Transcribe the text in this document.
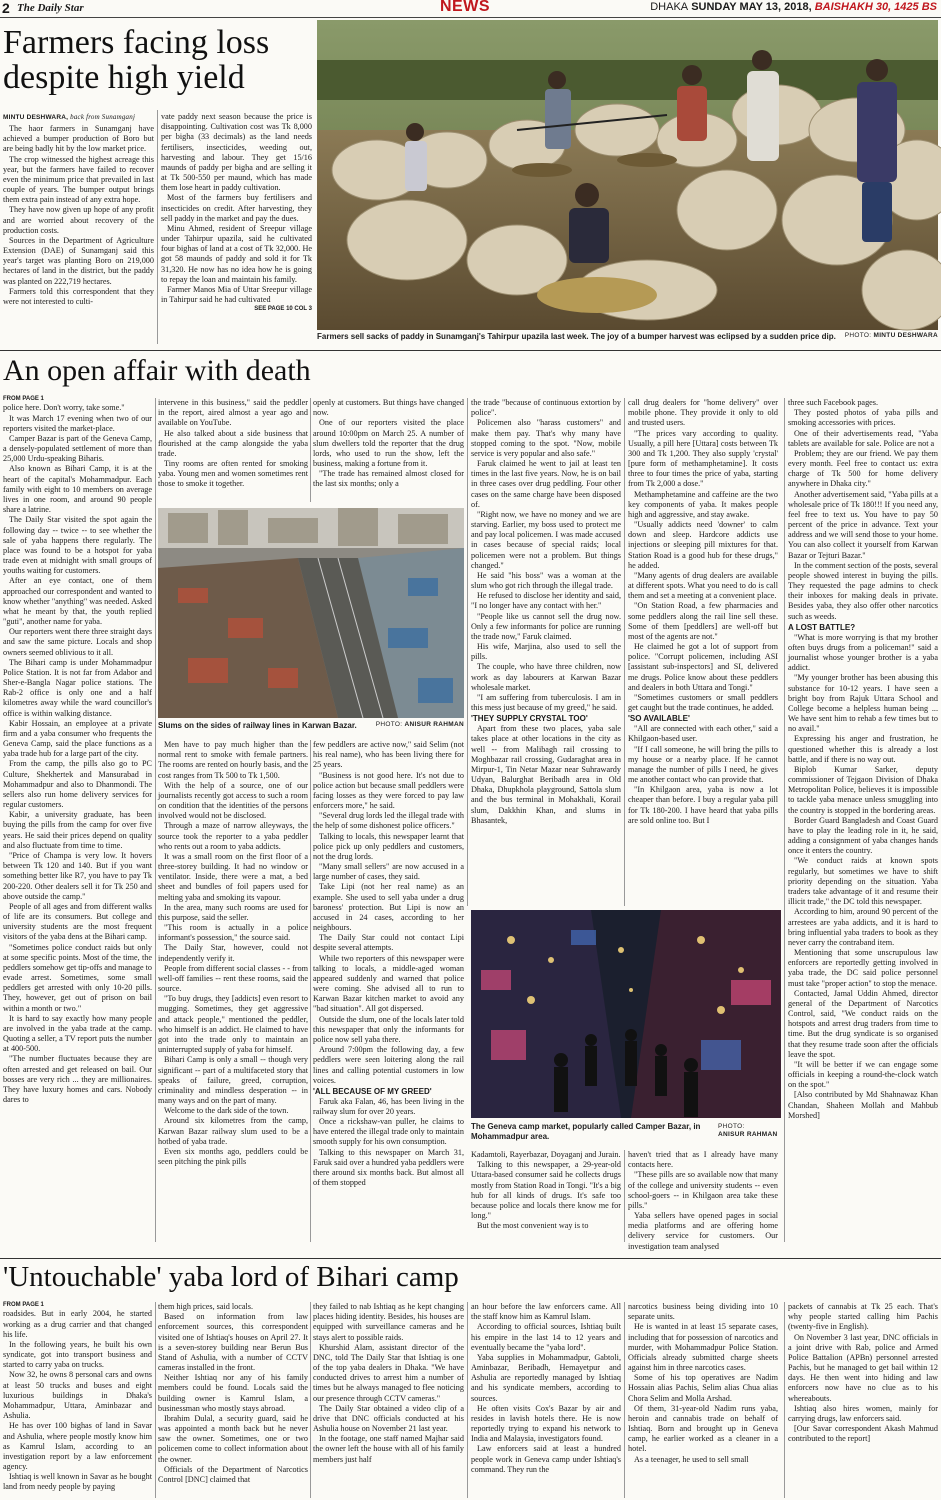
2 The Daily Star	NEWS	DHAKA SUNDAY MAY 13, 2018, BAISHAKH 30, 1425 BS
Farmers facing loss
despite high yield
MINTU DESHWARA, back from Sunamganj

The haor farmers in Sunamganj have achieved a bumper production of Boro but are being badly hit by the low market price.

The crop witnessed the highest acreage this year, but the farmers have failed to recover even the minimum price that prevailed in last couple of years. The bumper output brings them extra pain instead of any extra hope.

They have now given up hope of any profit and are worried about recovery of the production costs.

Sources in the Department of Agriculture Extension (DAE) of Sunamganj said this year's target was planting Boro on 219,000 hectares of land in the district, but the paddy was planted on 222,719 hectares.

Farmers told this correspondent that they were not interested to culti-

vate paddy next season because the price is disappointing. Cultivation cost was Tk 8,000 per bigha (33 decimals) as the land needs fertilisers, insecticides, weeding out, harvesting and labour. They get 15/16 maunds of paddy per bigha and are selling it at Tk 500-550 per maund, which has made them lose heart in paddy cultivation.

Most of the farmers buy fertilisers and insecticides on credit. After harvesting, they sell paddy in the market and pay the dues.

Minu Ahmed, resident of Sreepur village under Tahirpur upazila, said he cultivated four bighas of land at a cost of Tk 32,000. He got 58 maunds of paddy and sold it for Tk 31,320. He now has no idea how he is going to repay the loan and maintain his family.

Farmer Manos Mia of Uttar Sreepur village in Tahirpur said he had cultivated

SEE PAGE 10 COL 3
Farmers sell sacks of paddy in Sunamganj's Tahirpur upazila last week. The joy of a bumper harvest was eclipsed by a sudden price dip. PHOTO: MINTU DESHWARA
An open affair with death
FROM PAGE 1

police here. Don't worry, take some."

It was March 17 evening when two of our reporters visited the market-place.

Camper Bazar is part of the Geneva Camp, a densely-populated settlement of more than 25,000 Urdu-speaking Biharis.

Also known as Bihari Camp, it is at the heart of the capital's Mohammadpur. Each family with eight to 10 members on average lives in one room, and around 90 people share a latrine.

The Daily Star visited the spot again the following day -- twice -- to see whether the sale of yaba happens there regularly. The place was found to be a hotspot for yaba trade even at midnight with small groups of youths waiting for customers.

After an eye contact, one of them approached our correspondent and wanted to know whether "anything" was needed. Asked what he meant by that, the youth replied "guti", another name for yaba.

Our reporters went there three straight days and saw the same picture. Locals and shop owners seemed oblivious to it all.

The Bihari camp is under Mohammadpur Police Station. It is not far from Adabor and Sher-e-Bangla Nagar police stations. The Rab-2 office is only one and a half kilometres away while the ward councillor's office is within walking distance.

Kabir Hossain, an employee at a private firm and a yaba consumer who frequents the Geneva Camp, said the place functions as a yaba trade hub for a large part of the city.

From the camp, the pills also go to PC Culture, Shekhertek and Mansurabad in Mohammadpur and also to Dhanmondi. The sellers also run home delivery services for regular customers.

Kabir, a university graduate, has been buying the pills from the camp for over five years. He said their prices depend on quality and also fluctuate from time to time.

"Price of Champa is very low. It hovers between Tk 120 and 140. But if you want something better like R7, you have to pay Tk 200-220. Other dealers sell it for Tk 250 and above outside the camp."

People of all ages and from different walks of life are its consumers. But college and university students are the most frequent visitors of the yaba dens at the Bihari camp.

"Sometimes police conduct raids but only at some specific points. Most of the time, the peddlers somehow get tip-offs and manage to evade arrest. Sometimes, some small peddlers get arrested with only 10-20 pills. They, however, get out of prison on bail within a month or two."

It is hard to say exactly how many people are involved in the yaba trade at the camp. Quoting a seller, a TV report puts the number at 400-500.

"The number fluctuates because they are often arrested and get released on bail. Our bosses are very rich ... they are millionaires. They have luxury homes and cars. Nobody dares to

intervene in this business," said the peddler in the report, aired almost a year ago and available on YouTube.

He also talked about a side business that flourished at the camp alongside the yaba trade.

Tiny rooms are often rented for smoking yaba. Young men and women sometimes rent those to smoke it together.

openly at customers. But things have changed now.

One of our reporters visited the place around 10:00pm on March 25. A number of slum dwellers told the reporter that the drug lords, who used to run the show, left the business, making a fortune from it.

"The trade has remained almost closed for the last six months; only a

Slums on the sides of railway lines in Karwan Bazar.	PHOTO: ANISUR RAHMAN

Men have to pay much higher than the normal rent to smoke with female partners. The rooms are rented on hourly basis, and the cost ranges from Tk 500 to Tk 1,500.

With the help of a source, one of our journalists recently got access to such a room on condition that the identities of the persons involved would not be disclosed.

Through a maze of narrow alleyways, the source took the reporter to a yaba peddler who rents out a room to yaba addicts.

It was a small room on the first floor of a three-storey building. It had no window or ventilator. Inside, there were a mat, a bed sheet and bundles of foil papers used for melting yaba and smoking its vapour.

In the area, many such rooms are used for this purpose, said the seller.

"This room is actually in a police informant's possession," the source said.

The Daily Star, however, could not independently verify it.

People from different social classes - - from well-off families -- rent these rooms, said the source.

"To buy drugs, they [addicts] even resort to mugging. Sometimes, they get aggressive and attack people," mentioned the peddler, who himself is an addict. He claimed to have got into the trade only to maintain an uninterrupted supply of yaba for himself.

Bihari Camp is only a small -- though very significant -- part of a multifaceted story that speaks of failure, greed, corruption, criminality and mindless desperation -- in many ways and on the part of many.

Welcome to the dark side of the town.

Around six kilometres from the camp, Karwan Bazar railway slum used to be a hotbed of yaba trade.

Even six months ago, peddlers could be seen pitching the pink pills

few peddlers are active now," said Selim (not his real name), who has been living there for 25 years.

"Business is not good here. It's not due to police action but because small peddlers were facing losses as they were forced to pay law enforcers more," he said.

"Several drug lords led the illegal trade with the help of some dishonest police officers."

Talking to locals, this newspaper learnt that police pick up only peddlers and customers, not the drug lords.

"Many small sellers" are now accused in a large number of cases, they said.

Take Lipi (not her real name) as an example. She used to sell yaba under a drug baroness' protection. But Lipi is now an accused in 24 cases, according to her neighbours.

The Daily Star could not contact Lipi despite several attempts.

While two reporters of this newspaper were talking to locals, a middle-aged woman appeared suddenly and warned that police were coming. She advised all to run to Karwan Bazar kitchen market to avoid any "bad situation". All got dispersed.

Outside the slum, one of the locals later told this newspaper that only the informants for police now sell yaba there.

Around 7:00pm the following day, a few peddlers were seen loitering along the rail lines and calling potential customers in low voices.

'ALL BECAUSE OF MY GREED'

Faruk aka Falan, 46, has been living in the railway slum for over 20 years.

Once a rickshaw-van puller, he claims to have entered the illegal trade only to maintain smooth supply for his own consumption.

Talking to this newspaper on March 31, Faruk said over a hundred yaba peddlers were there around six months back. But almost all of them stopped

the trade "because of continuous extortion by police".

Policemen also "harass customers" and make them pay. That's why many have stopped coming to the spot. "Now, mobile service is very popular and also safe."

Faruk claimed he went to jail at least ten times in the last five years. Now, he is on bail in three cases over drug peddling. Four other cases on the same charge have been disposed of.

"Right now, we have no money and we are starving. Earlier, my boss used to protect me and pay local policemen. I was made accused in cases because of special raids; local policemen were not a problem. But things changed."

He said "his boss" was a woman at the slum who got rich through the illegal trade.

He refused to disclose her identity and said, "I no longer have any contact with her."

"People like us cannot sell the drug now. Only a few informants for police are running the trade now," Faruk claimed.

His wife, Marjina, also used to sell the pills.

The couple, who have three children, now work as day labourers at Karwan Bazar wholesale market.

"I am suffering from tuberculosis. I am in this mess just because of my greed," he said.

'THEY SUPPLY CRYSTAL TOO'

Apart from these two places, yaba sale takes place at other locations in the city as well -- from Malibagh rail crossing to Moghbazar rail crossing, Gudaraghat area in Mirpur-1, Tin Netar Mazar near Suhrawardy Udyan, Balurghat Beribadh area in Old Dhaka, Dhupkhola playground, Sattola slum and the bus terminal in Mohakhali, Korail slum, Dakkhin Khan, and slums in Bhasantek,

call drug dealers for "home delivery" over mobile phone. They provide it only to old and trusted users.

"The prices vary according to quality. Usually, a pill here [Uttara] costs between Tk 300 and Tk 1,200. They also supply 'crystal' [pure form of methamphetamine]. It costs three to four times the price of yaba, starting from Tk 2,000 a dose."

Methamphetamine and caffeine are the two key components of yaba. It makes people high and aggressive, and stay awake.

"Usually addicts need 'downer' to calm down and sleep. Hardcore addicts use injections or sleeping pill mixtures for that. Station Road is a good hub for these drugs," he added.

"Many agents of drug dealers are available at different spots. What you need to do is call them and set a meeting at a convenient place.

"On Station Road, a few pharmacies and some peddlers along the rail line sell these. Some of them [peddlers] are well-off but most of the agents are not."

He claimed he got a lot of support from police. "Corrupt policemen, including ASI [assistant sub-inspectors] and SI, delivered me drugs. Police know about these peddlers and dealers in both Uttara and Tongi."

"Sometimes customers or small peddlers get caught but the trade continues, he added.

'SO AVAILABLE'

"All are connected with each other," said a Khilgaon-based user.

"If I call someone, he will bring the pills to my house or a nearby place. If he cannot manage the number of pills I need, he gives me another contact who can provide that.

"In Khilgaon area, yaba is now a lot cheaper than before. I buy a regular yaba pill for Tk 180-200. I have heard that yaba pills are sold online too. But I

The Geneva camp market, popularly called Camper Bazar, in Mohammadpur area.
PHOTO:
ANISUR RAHMAN

Kadamtoli, Rayerbazar, Doyaganj and Jurain.

Talking to this newspaper, a 29-year-old Uttara-based consumer said he collects drugs mostly from Station Road in Tongi. "It's a big hub for all kinds of drugs. It's safe too because police and locals there know me for long."

But the most convenient way is to

haven't tried that as I already have many contacts here.

"These pills are so available now that many of the college and university students -- even school-goers -- in Khilgaon area take these pills."

Yaba sellers have opened pages in social media platforms and are offering home delivery service for customers. Our investigation team analysed

three such Facebook pages.

They posted photos of yaba pills and smoking accessories with prices.

One of their advertisements read, "Yaba tablets are available for sale. Police are not a

Problem; they are our friend. We pay them every month. Feel free to contact us: extra charge of Tk 500 for home delivery anywhere in Dhaka city."

Another advertisement said, "Yaba pills at a wholesale price of Tk 180!!! If you need any, feel free to text us. You have to pay 50 percent of the price in advance. Text your address and we will send those to your home. You can also collect it yourself from Karwan Bazar or Tejturi Bazar."

In the comment section of the posts, several people showed interest in buying the pills. They requested the page admins to check their inboxes for making deals in private. Besides yaba, they also offer other narcotics such as weeds.

A LOST BATTLE?

"What is more worrying is that my brother often buys drugs from a policeman!" said a journalist whose younger brother is a yaba addict.

"My younger brother has been abusing this substance for 10-12 years. I have seen a bright boy from Rajuk Uttara School and College become a helpless human being ... We have sent him to rehab a few times but to no avail."

Expressing his anger and frustration, he questioned whether this is already a lost battle, and if there is no way out.

Biplob Kumar Sarker, deputy commissioner of Tejgaon Division of Dhaka Metropolitan Police, believes it is impossible to tackle yaba menace unless smuggling into the country is stopped in the bordering areas.

Border Guard Bangladesh and Coast Guard have to play the leading role in it, he said, adding a consignment of yaba changes hands once it enters the country.

"We conduct raids at known spots regularly, but sometimes we have to shift priority depending on the situation. Yaba traders take advantage of it and resume their illicit trade," the DC told this newspaper.

According to him, around 90 percent of the arrestees are yaba addicts, and it is hard to bring influential yaba traders to book as they never carry the contraband item.

Mentioning that some unscrupulous law enforcers are reportedly getting involved in yaba trade, the DC said police personnel must take "proper action" to stop the menace.

Contacted, Jamal Uddin Ahmed, director general of the Department of Narcotics Control, said, "We conduct raids on the hotspots and arrest drug traders from time to time. But the drug syndicate is so organised that they resume trade soon after the officials leave the spot.

"It will be better if we can engage some officials in keeping a round-the-clock watch on the spot."

[Also contributed by Md Shahnawaz Khan Chandan, Shaheen Mollah and Mahbub Morshed]

'Untouchable' yaba lord of Bihari camp
FROM PAGE 1

roadsides. But in early 2004, he started working as a drug carrier and that changed his life.

In the following years, he built his own syndicate, got into transport business and started to carry yaba on trucks.

Now 32, he owns 8 personal cars and owns at least 50 trucks and buses and eight luxurious buildings in Dhaka's Mohammadpur, Uttara, Aminbazar and Ashulia.

He has over 100 bighas of land in Savar and Ashulia, where people mostly know him as Kamrul Islam, according to an investigation report by a law enforcement agency.

Ishtiaq is well known in Savar as he bought land from needy people by paying

them high prices, said locals.

Based on information from law enforcement sources, this correspondent visited one of Ishtiaq's houses on April 27. It is a seven-storey building near Berun Bus Stand of Ashulia, with a number of CCTV cameras installed in the front.

Neither Ishtiaq nor any of his family members could be found. Locals said the building owner is Kamrul Islam, a businessman who mostly stays abroad.

Ibrahim Dulal, a security guard, said he was appointed a month back but he never saw the owner. Sometimes, one or two policemen come to collect information about the owner.

Officials of the Department of Narcotics Control [DNC] claimed that

they failed to nab Ishtiaq as he kept changing places hiding identity. Besides, his houses are equipped with surveillance cameras and he stays alert to possible raids.

Khurshid Alam, assistant director of the DNC, told The Daily Star that Ishtiaq is one of the top yaba dealers in Dhaka. "We have conducted drives to arrest him a number of times but he always managed to flee noticing our presence through CCTV cameras."

The Daily Star obtained a video clip of a drive that DNC officials conducted at his Ashulia house on November 21 last year.

In the footage, one staff named Majhar said the owner left the house with all of his family members just half

an hour before the law enforcers came. All the staff know him as Kamrul Islam.

According to official sources, Ishtiaq built his empire in the last 14 to 12 years and eventually became the "yaba lord".

Yaba supplies in Mohammadpur, Gabtoli, Aminbazar, Beribadh, Hemayetpur and Ashulia are reportedly managed by Ishtiaq and his syndicate members, according to sources.

He often visits Cox's Bazar by air and resides in lavish hotels there. He is now reportedly trying to expand his network to India and Malaysia, investigators found.

Law enforcers said at least a hundred people work in Geneva camp under Ishtiaq's command. They run the

narcotics business being dividing into 10 separate units.

He is wanted in at least 15 separate cases, including that for possession of narcotics and murder, with Mohammadpur Police Station. Officials already submitted charge sheets against him in three narcotics cases.

Some of his top operatives are Nadim Hossain alias Pachis, Selim alias Chua alias Chora Selim and Molla Arshad.

Of them, 31-year-old Nadim runs yaba, heroin and cannabis trade on behalf of Ishtiaq. Born and brought up in Geneva camp, he earlier worked as a cleaner in a hotel.

As a teenager, he used to sell small

packets of cannabis at Tk 25 each. That's why people started calling him Pachis (twenty-five in English).

On November 3 last year, DNC officials in a joint drive with Rab, police and Armed Police Battalion (APBn) personnel arrested Pachis, but he managed to get bail within 12 days. He then went into hiding and law enforcers now have no clue as to his whereabouts.

Ishtiaq also hires women, mainly for carrying drugs, law enforcers said.

[Our Savar correspondent Akash Mahmud contributed to the report]
